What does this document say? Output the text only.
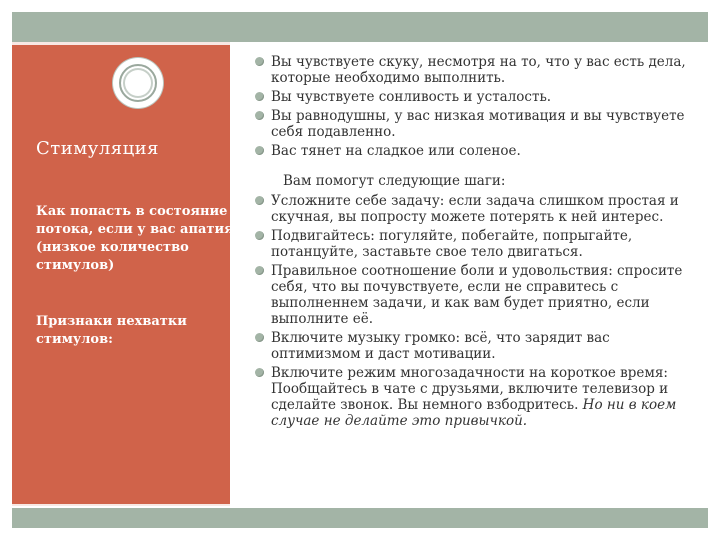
Стимуляция
Как попасть в состояние потока, если у вас апатия (низкое количество стимулов)
Признаки нехватки стимулов:
Вы чувствуете скуку, несмотря на то, что у вас есть дела, которые необходимо выполнить.
Вы чувствуете сонливость и усталость.
Вы равнодушны, у вас низкая мотивация и вы чувствуете себя подавленно.
Вас тянет на сладкое или соленое.
Вам помогут следующие шаги:
Усложните себе задачу: если задача слишком простая и скучная, вы попросту можете потерять к ней интерес.
Подвигайтесь: погуляйте, побегайте, попрыгайте, потанцуйте, заставьте свое тело двигаться.
Правильное соотношение боли и удовольствия: спросите себя, что вы почувствуете, если не справитесь с выполненнем задачи, и как вам будет приятно, если выполните её.
Включите музыку громко: всё, что зарядит вас оптимизмом и даст мотивации.
Включите режим многозадачности на короткое время: Пообщайтесь в чате с друзьями, включите телевизор и сделайте звонок. Вы немного взбодритесь. Но ни в коем случае не делайте это привычкой.
